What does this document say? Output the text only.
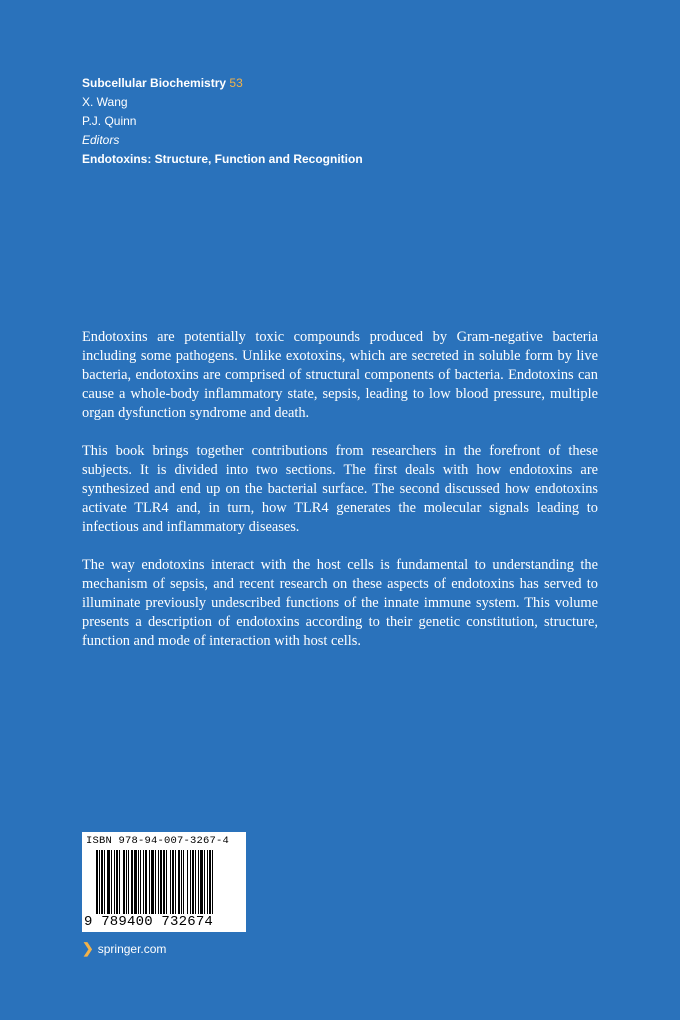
Subcellular Biochemistry 53
X. Wang
P.J. Quinn
Editors
Endotoxins: Structure, Function and Recognition

Endotoxins are potentially toxic compounds produced by Gram-negative bacteria including some pathogens. Unlike exotoxins, which are secreted in soluble form by live bacteria, endotoxins are comprised of structural components of bacteria. Endotoxins can cause a whole-body inflammatory state, sepsis, leading to low blood pressure, multiple organ dysfunction syndrome and death.

This book brings together contributions from researchers in the forefront of these subjects. It is divided into two sections. The first deals with how endotoxins are synthesized and end up on the bacterial surface. The second discussed how endotoxins activate TLR4 and, in turn, how TLR4 generates the molecular signals leading to infectious and inflammatory diseases.

The way endotoxins interact with the host cells is fundamental to understanding the mechanism of sepsis, and recent research on these aspects of endotoxins has served to illuminate previously undescribed functions of the innate immune system. This volume presents a description of endotoxins according to their genetic constitution, structure, function and mode of interaction with host cells.

ISBN 978-94-007-3267-4
9 789400 732674
❯ springer.com
